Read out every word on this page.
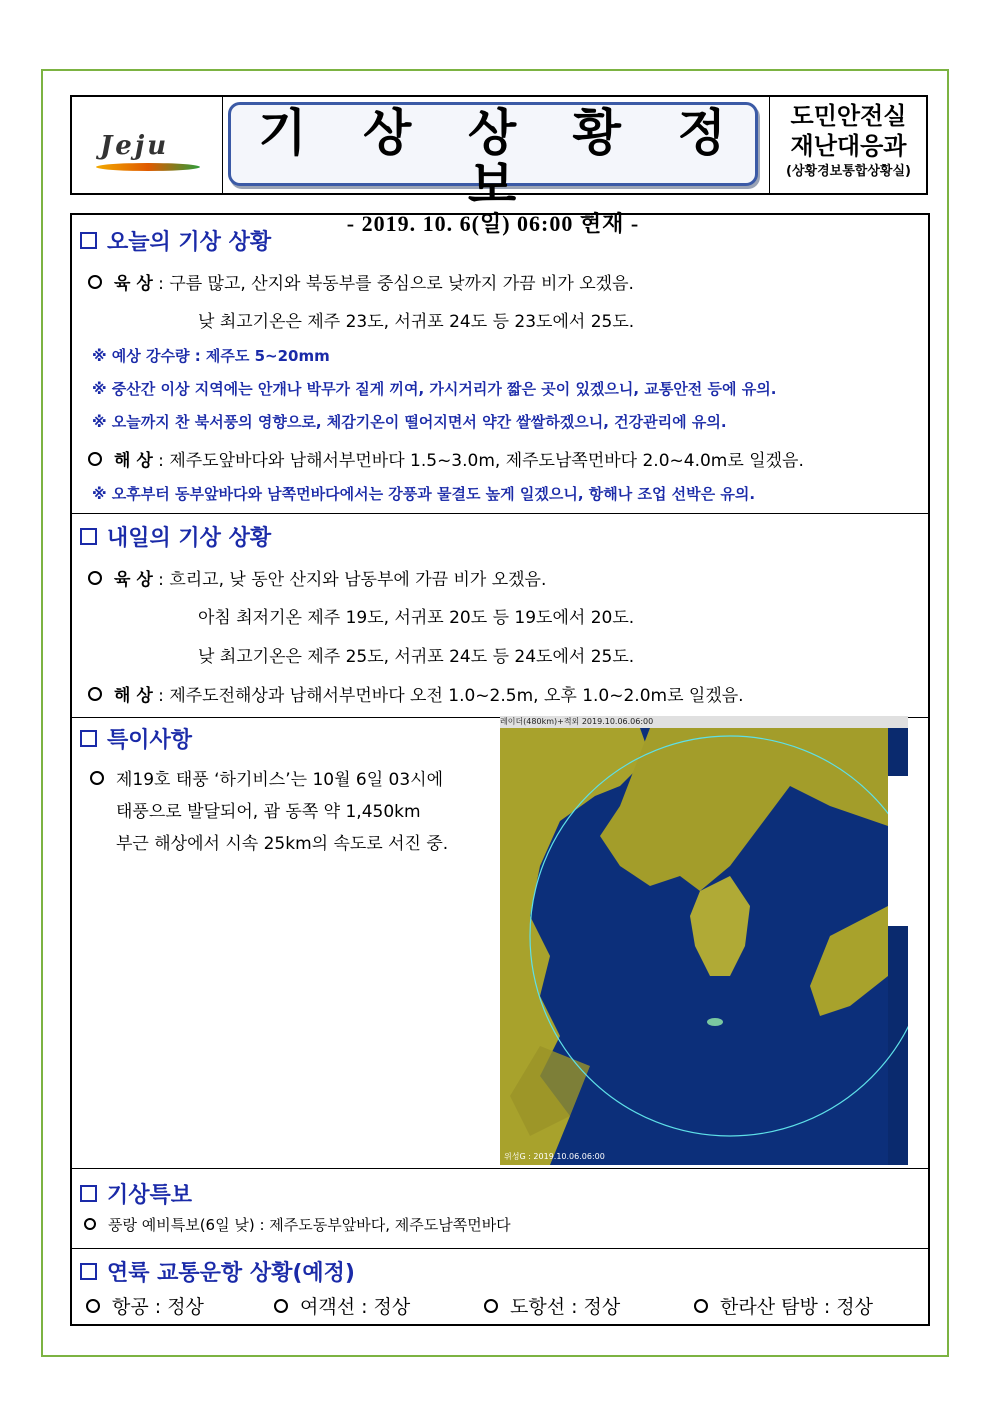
Jeju	기 상 상 황 정 보
- 2019. 10. 6(일) 06:00 현재 -
도민안전실
재난대응과
(상황경보통합상황실)
오늘의 기상 상황
육 상 : 구름 많고, 산지와 북동부를 중심으로 낮까지 가끔 비가 오겠음.
낮 최고기온은 제주 23도, 서귀포 24도 등 23도에서 25도.
※ 예상 강수량 : 제주도 5~20mm
※ 중산간 이상 지역에는 안개나 박무가 짙게 끼여, 가시거리가 짧은 곳이 있겠으니, 교통안전 등에 유의.
※ 오늘까지 찬 북서풍의 영향으로, 체감기온이 떨어지면서 약간 쌀쌀하겠으니, 건강관리에 유의.
해 상 : 제주도앞바다와 남해서부먼바다 1.5~3.0m, 제주도남쪽먼바다 2.0~4.0m로 일겠음.
※ 오후부터 동부앞바다와 남쪽먼바다에서는 강풍과 물결도 높게 일겠으니, 항해나 조업 선박은 유의.
내일의 기상 상황
육 상 : 흐리고, 낮 동안 산지와 남동부에 가끔 비가 오겠음.
아침 최저기온 제주 19도, 서귀포 20도 등 19도에서 20도.
낮 최고기온은 제주 25도, 서귀포 24도 등 24도에서 25도.
해 상 : 제주도전해상과 남해서부먼바다 오전 1.0~2.5m, 오후 1.0~2.0m로 일겠음.
특이사항
제19호 태풍 ‘하기비스’는 10월 6일 03시에
태풍으로 발달되어, 괌 동쪽 약 1,450km
부근 해상에서 시속 25km의 속도로 서진 중.
레이더(480km)+적외 2019.10.06.06:00
위성G : 2019.10.06.06:00
기상특보
풍랑 예비특보(6일 낮) : 제주도동부앞바다, 제주도남쪽먼바다
연륙 교통운항 상황(예정)
항공 : 정상	여객선 : 정상	도항선 : 정상	한라산 탐방 : 정상
